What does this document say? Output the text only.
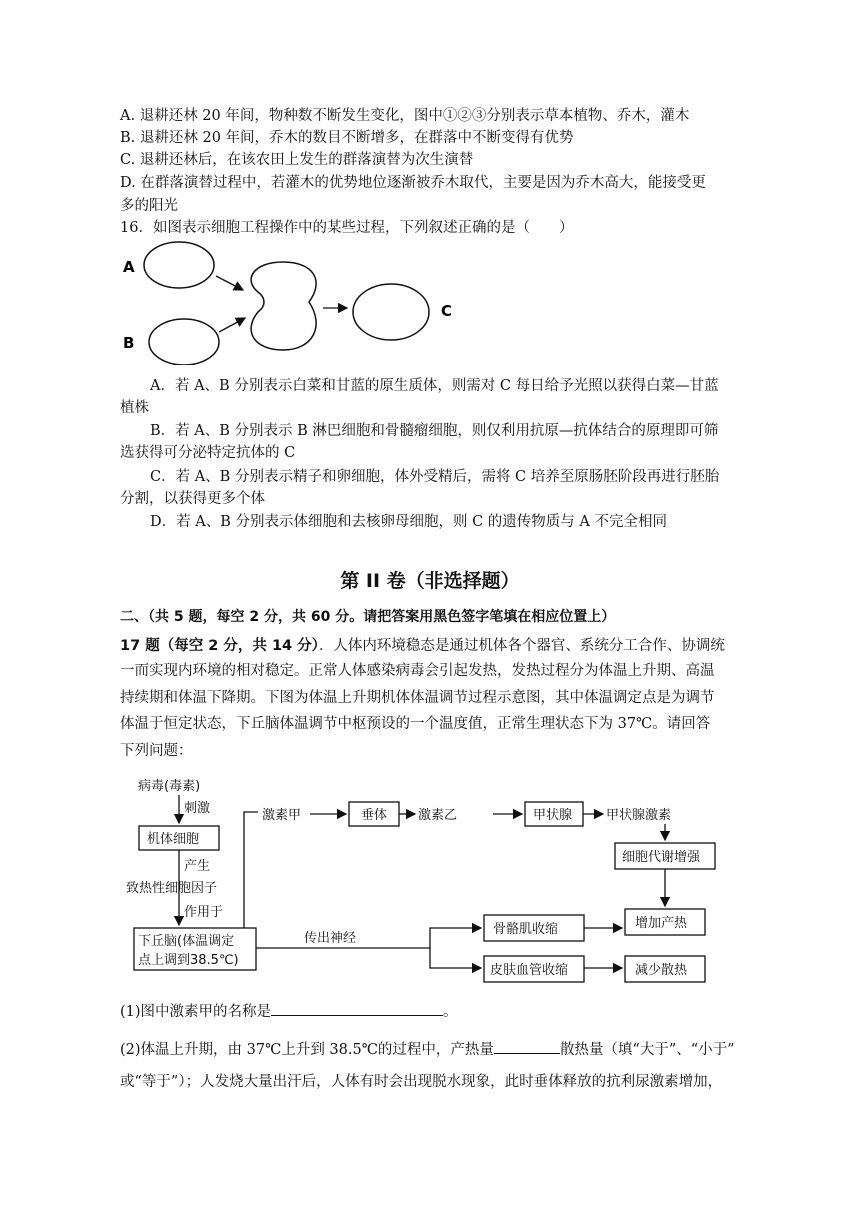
A. 退耕还林 20 年间，物种数不断发生变化，图中①②③分别表示草本植物、乔木，灌木
B. 退耕还林 20 年间，乔木的数目不断增多，在群落中不断变得有优势
C. 退耕还林后，在该农田上发生的群落演替为次生演替
D. 在群落演替过程中，若灌木的优势地位逐渐被乔木取代，主要是因为乔木高大，能接受更
多的阳光
16．如图表示细胞工程操作中的某些过程，下列叙述正确的是（　　）
A
B
C
A．若 A、B 分别表示白菜和甘蓝的原生质体，则需对 C 每日给予光照以获得白菜—甘蓝
植株
B．若 A、B 分别表示 B 淋巴细胞和骨髓瘤细胞，则仅利用抗原—抗体结合的原理即可筛
选获得可分泌特定抗体的 C
C．若 A、B 分别表示精子和卵细胞，体外受精后，需将 C 培养至原肠胚阶段再进行胚胎
分割，以获得更多个体
D．若 A、B 分别表示体细胞和去核卵母细胞，则 C 的遗传物质与 A 不完全相同
第 II 卷（非选择题）
二、（共 5 题，每空 2 分，共 60 分。请把答案用黑色签字笔填在相应位置上）
17 题（每空 2 分，共 14 分）．人体内环境稳态是通过机体各个器官、系统分工合作、协调统
一而实现内环境的相对稳定。正常人体感染病毒会引起发热，发热过程分为体温上升期、高温
持续期和体温下降期。下图为体温上升期机体体温调节过程示意图，其中体温调定点是为调节
体温于恒定状态，下丘脑体温调节中枢预设的一个温度值，正常生理状态下为 37℃。请回答
下列问题：
病毒(毒素)
刺激
机体细胞
产生
致热性细胞因子
作用于
下丘脑(体温调定
点上调到38.5℃)
激素甲	垂体 激素乙	甲状腺	甲状腺激素
细胞代谢增强
传出神经
骨骼肌收缩
皮肤血管收缩
增加产热
减少散热
(1)图中激素甲的名称是	。
(2)体温上升期，由 37℃上升到 38.5℃的过程中，产热量	散热量（填“大于”、“小于”
或“等于”）；人发烧大量出汗后，人体有时会出现脱水现象，此时垂体释放的抗利尿激素增加，
